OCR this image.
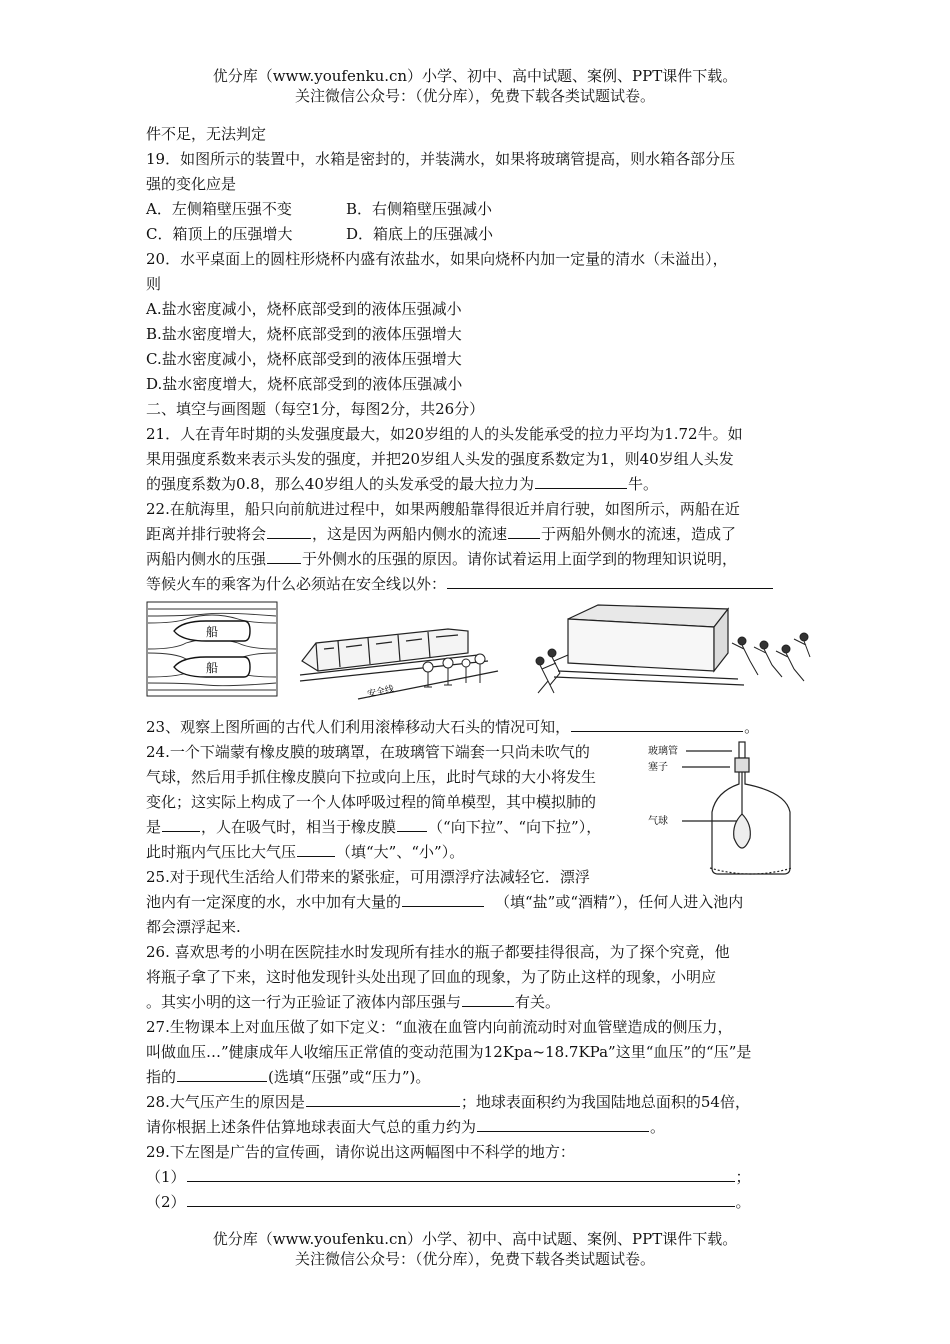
优分库（www.youfenku.cn）小学、初中、高中试题、案例、PPT课件下载。
关注微信公众号：（优分库），免费下载各类试题试卷。
件不足，无法判定
19．如图所示的装置中，水箱是密封的，并装满水，如果将玻璃管提高，则水箱各部分压
强的变化应是
A．左侧箱壁压强不变	B．右侧箱壁压强减小
C．箱顶上的压强增大	D．箱底上的压强减小
20．水平桌面上的圆柱形烧杯内盛有浓盐水，如果向烧杯内加一定量的清水（未溢出），
则
A.盐水密度减小，烧杯底部受到的液体压强减小
B.盐水密度增大，烧杯底部受到的液体压强增大
C.盐水密度减小，烧杯底部受到的液体压强增大
D.盐水密度增大，烧杯底部受到的液体压强减小
二、填空与画图题（每空1分，每图2分，共26分）
21．人在青年时期的头发强度最大，如20岁组的人的头发能承受的拉力平均为1.72牛。如
果用强度系数来表示头发的强度，并把20岁组人头发的强度系数定为1，则40岁组人头发
的强度系数为0.8，那么40岁组人的头发承受的最大拉力为	牛。
22.在航海里，船只向前航进过程中，如果两艘船靠得很近并肩行驶，如图所示，两船在近
距离并排行驶将会	，这是因为两船内侧水的流速 于两船外侧水的流速，造成了
两船内侧水的压强 于外侧水的压强的原因。请你试着运用上面学到的物理知识说明，
等候火车的乘客为什么必须站在安全线以外：
船
船
安全线
23、观察上图所画的古代人们利用滚棒移动大石头的情况可知，	。
24.一个下端蒙有橡皮膜的玻璃罩，在玻璃管下端套一只尚未吹气的
气球，然后用手抓住橡皮膜向下拉或向上压，此时气球的大小将发生
变化；这实际上构成了一个人体呼吸过程的简单模型，其中模拟肺的
是	，人在吸气时，相当于橡皮膜 （“向下拉”、“向下拉”），
此时瓶内气压比大气压	（填“大”、“小”）。
玻璃管
塞子
气球
25.对于现代生活给人们带来的紧张症，可用漂浮疗法减轻它．漂浮
池内有一定深度的水，水中加有大量的	（填“盐”或“酒精”），任何人进入池内
都会漂浮起来.
26. 喜欢思考的小明在医院挂水时发现所有挂水的瓶子都要挂得很高，为了探个究竟，他
将瓶子拿了下来，这时他发现针头处出现了回血的现象，为了防止这样的现象，小明应
。其实小明的这一行为正验证了液体内部压强与	有关。
27.生物课本上对血压做了如下定义：“血液在血管内向前流动时对血管壁造成的侧压力，
叫做血压…”健康成年人收缩压正常值的变动范围为12Kpa~18.7KPa”这里“血压”的“压”是
指的	(选填“压强”或“压力”)。
28.大气压产生的原因是	；地球表面积约为我国陆地总面积的54倍，
请你根据上述条件估算地球表面大气总的重力约为	。
29.下左图是广告的宣传画，请你说出这两幅图中不科学的地方：
（1）	；
（2）	。
优分库（www.youfenku.cn）小学、初中、高中试题、案例、PPT课件下载。
关注微信公众号：（优分库），免费下载各类试题试卷。
